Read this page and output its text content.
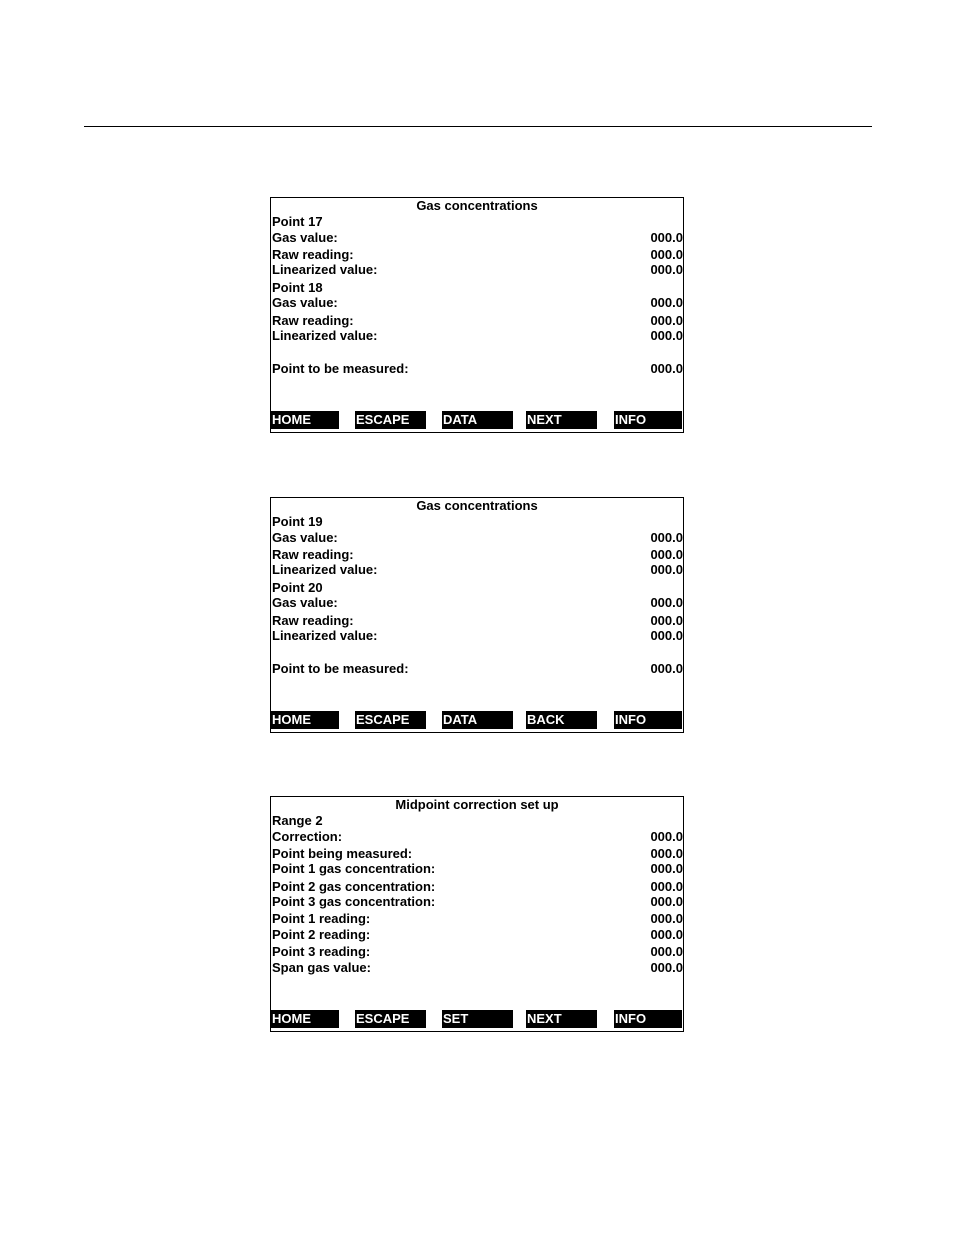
Gas concentrations
Point 17
Gas value:	000.0
Raw reading:	000.0
Linearized value:	000.0
Point 18
Gas value:	000.0
Raw reading:	000.0
Linearized value:	000.0
Point to be measured:	000.0
HOME	ESCAPE	DATA	NEXT	INFO
Gas concentrations
Point 19
Gas value:	000.0
Raw reading:	000.0
Linearized value:	000.0
Point 20
Gas value:	000.0
Raw reading:	000.0
Linearized value:	000.0
Point to be measured:	000.0
HOME	ESCAPE	DATA	BACK	INFO
Midpoint correction set up
Range 2
Correction:	000.0
Point being measured:	000.0
Point 1 gas concentration:	000.0
Point 2 gas concentration:	000.0
Point 3 gas concentration:	000.0
Point 1 reading:	000.0
Point 2 reading:	000.0
Point 3 reading:	000.0
Span gas value:	000.0
HOME	ESCAPE	SET	NEXT	INFO
